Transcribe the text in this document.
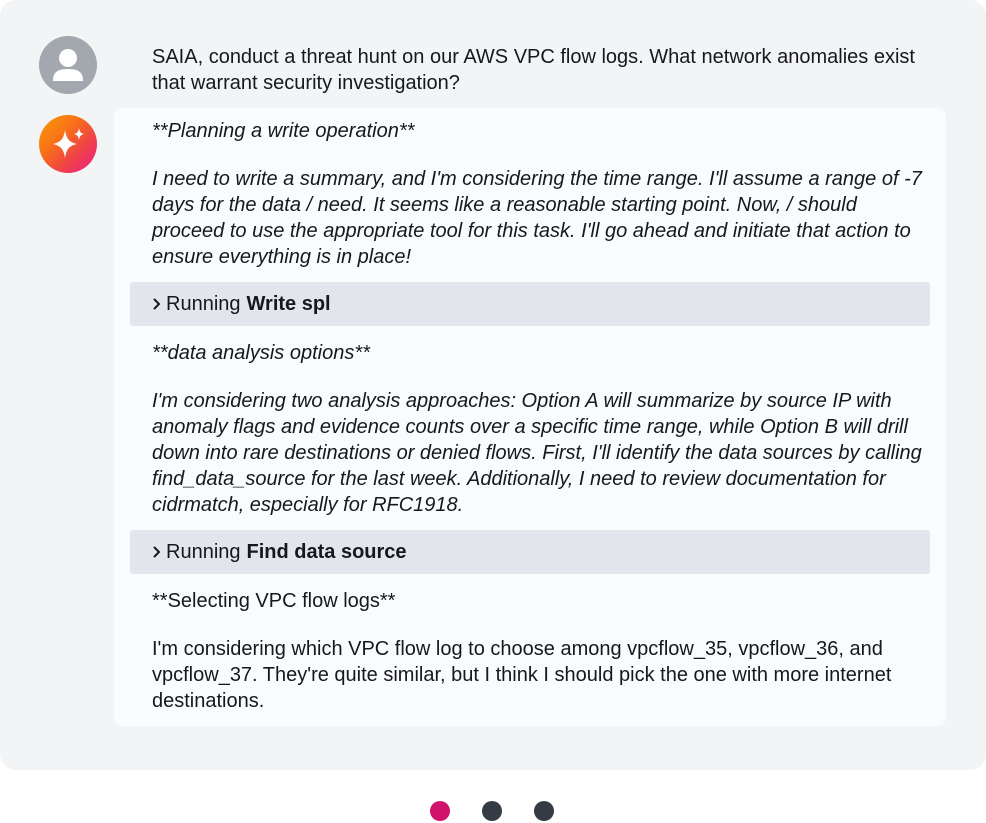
SAIA, conduct a threat hunt on our AWS VPC flow logs. What network anomalies exist that warrant security investigation?

**Planning a write operation**

I need to write a summary, and I'm considering the time range. I'll assume a range of -7 days for the data / need. It seems like a reasonable starting point. Now, / should proceed to use the appropriate tool for this task. I'll go ahead and initiate that action to ensure everything is in place!

Running Write spl

**data analysis options**

I'm considering two analysis approaches: Option A will summarize by source IP with anomaly flags and evidence counts over a specific time range, while Option B will drill down into rare destinations or denied flows. First, I'll identify the data sources by calling find_data_source for the last week. Additionally, I need to review documentation for cidrmatch, especially for RFC1918.

Running Find data source

**Selecting VPC flow logs**

I'm considering which VPC flow log to choose among vpcflow_35, vpcflow_36, and vpcflow_37. They're quite similar, but I think I should pick the one with more internet destinations.
